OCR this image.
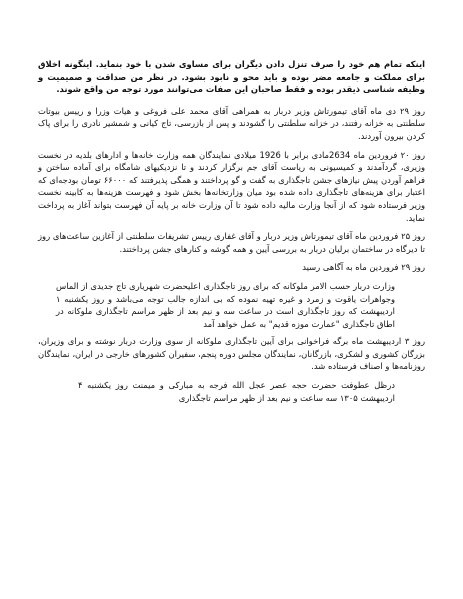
اینکه تمام هم خود را صرف تنزل دادن دیگران برای مساوی شدن با خود بنماید. اینگونه اخلاق برای مملکت و جامعه مضر بوده و باید محو و نابود بشود. در نظر من صداقت و صمیمیت و وظیفه شناسی ذیقدر بوده و فقط صاحبان این صفات می‌توانند مورد توجه من واقع شوند.

روز ۲۹ دی ماه آقای تیمورتاش وزیر دربار به همراهی آقای محمد علی فروغی و هیات وزرا و رییس بیوتات سلطنتی به خزانه رفتند، در خزانه سلطنتی را گشودند و پس از بازرسی، تاج کیانی و شمشیر نادری را برای پاک کردن بیرون آوردند.

روز ۲۰ فروردین ماه 2634مادی برابر با 1926 میلادی نمایندگان همه وزارت خانه‌ها و ادارهای بلدیه در نخست وزیری، گردآمدند و کمیسیونی به ریاست آقای جم برگزار کردند و تا نزدیکیهای شامگاه برای آماده ساختن و فراهم آوردن پیش نیازهای جشن تاجگذاری به گفت و گو پرداختند و همگی پذیرفتند که ۶۶۰۰۰ تومان بودجه‌ای که اعتبار برای هزینه‌های تاجگذاری داده شده بود میان وزارتخانه‌ها بخش شود و فهرست هزینه‌ها به کابینه نخست وزیر فرستاده شود که از آنجا وزارت مالیه داده شود تا آن وزارت خانه بر پایه آن فهرست بتواند آغاز به پرداخت نماید.

روز ۲۵ فروردین ماه آقای تیمورتاش وزیر دربار و آقای غفاری رییس تشریفات سلطنتی از آغازین ساعت‌های روز تا دیرگاه در ساختمان برلیان دربار به بررسی آیین و همه گوشه و کنارهای جشن پرداختند.

روز ۲۹ فروردین ماه به آگاهی رسید

وزارت دربار حسب الامر ملوکانه که برای روز تاجگذاری اعلیحضرت شهریاری تاج جدیدی از الماس وجواهرات یاقوت و زمرد و غیره تهیه نموده که بی اندازه جالب توجه می‌باشد و روز یکشنبه ۱ اردیبهشت که روز تاجگذاری است در ساعت سه و نیم بعد از ظهر مراسم تاجگذاری ملوکانه در اطاق تاجگذاری "عمارت موزه قدیم" به عمل خواهد آمد

روز ۳ اردیبهشت ماه برگه فراخوانی برای آیین تاجگذاری ملوکانه از سوی وزارت دربار نوشته و برای وزیران، بزرگان کشوری و لشکری، بازرگانان، نمایندگان مجلس دوره پنجم، سفیران کشورهای خارجی در ایران، نمایندگان روزنامه‌ها و اصناف فرستاده شد.

درظل عطوفت حضرت حجه عصر عجل الله فرجه به مبارکی و میمنت روز یکشنبه ۴ اردیبهشت ۱۳۰۵ سه ساعت و نیم بعد از ظهر مراسم تاجگذاری
